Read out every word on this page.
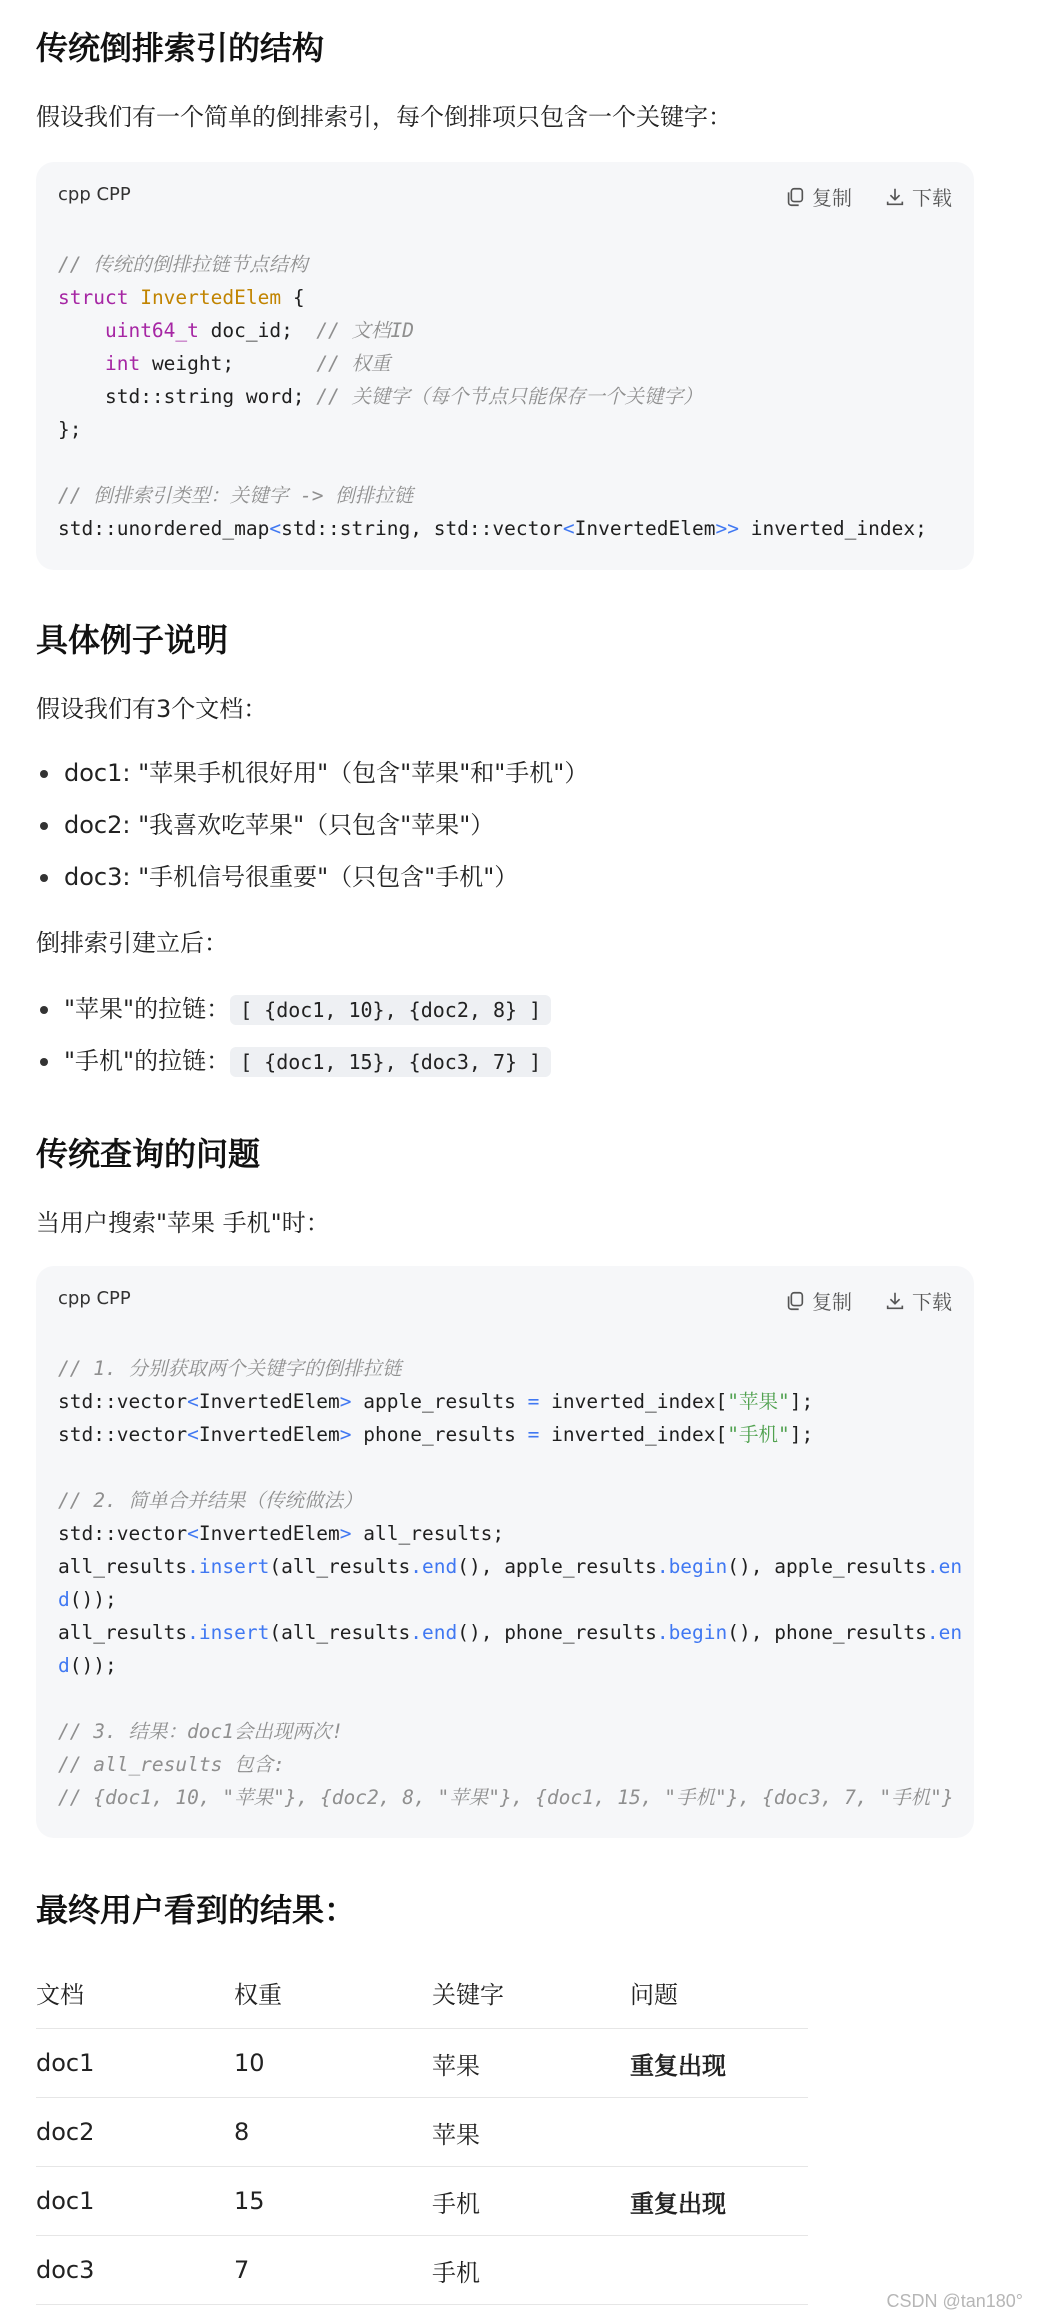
传统倒排索引的结构

假设我们有一个简单的倒排索引，每个倒排项只包含一个关键字：

cpp CPP	复制	下载
// 传统的倒排拉链节点结构
struct InvertedElem {
uint64_t doc_id;  // 文档ID
int weight;       // 权重
std::string word; // 关键字（每个节点只能保存一个关键字）
};

// 倒排索引类型：关键字 -> 倒排拉链
std::unordered_map<std::string, std::vector<InvertedElem>> inverted_index;
具体例子说明

假设我们有3个文档：

doc1: "苹果手机很好用"（包含"苹果"和"手机"）
doc2: "我喜欢吃苹果"（只包含"苹果"）
doc3: "手机信号很重要"（只包含"手机"）

倒排索引建立后：

"苹果"的拉链： [ {doc1, 10}, {doc2, 8} ]
"手机"的拉链： [ {doc1, 15}, {doc3, 7} ]
传统查询的问题

当用户搜索"苹果 手机"时：

cpp CPP	复制	下载
// 1. 分别获取两个关键字的倒排拉链
std::vector<InvertedElem> apple_results = inverted_index["苹果"];
std::vector<InvertedElem> phone_results = inverted_index["手机"];

// 2. 简单合并结果（传统做法）
std::vector<InvertedElem> all_results;
all_results.insert(all_results.end(), apple_results.begin(), apple_results.en
d());
all_results.insert(all_results.end(), phone_results.begin(), phone_results.en
d());

// 3. 结果：doc1会出现两次!
// all_results 包含:
// {doc1, 10, "苹果"}, {doc2, 8, "苹果"}, {doc1, 15, "手机"}, {doc3, 7, "手机"}
最终用户看到的结果：
文档	权重	关键字	问题
doc1	10	苹果	重复出现
doc2	8	苹果	
doc1	15	手机	重复出现
doc3	7	手机	
CSDN @tan180°
